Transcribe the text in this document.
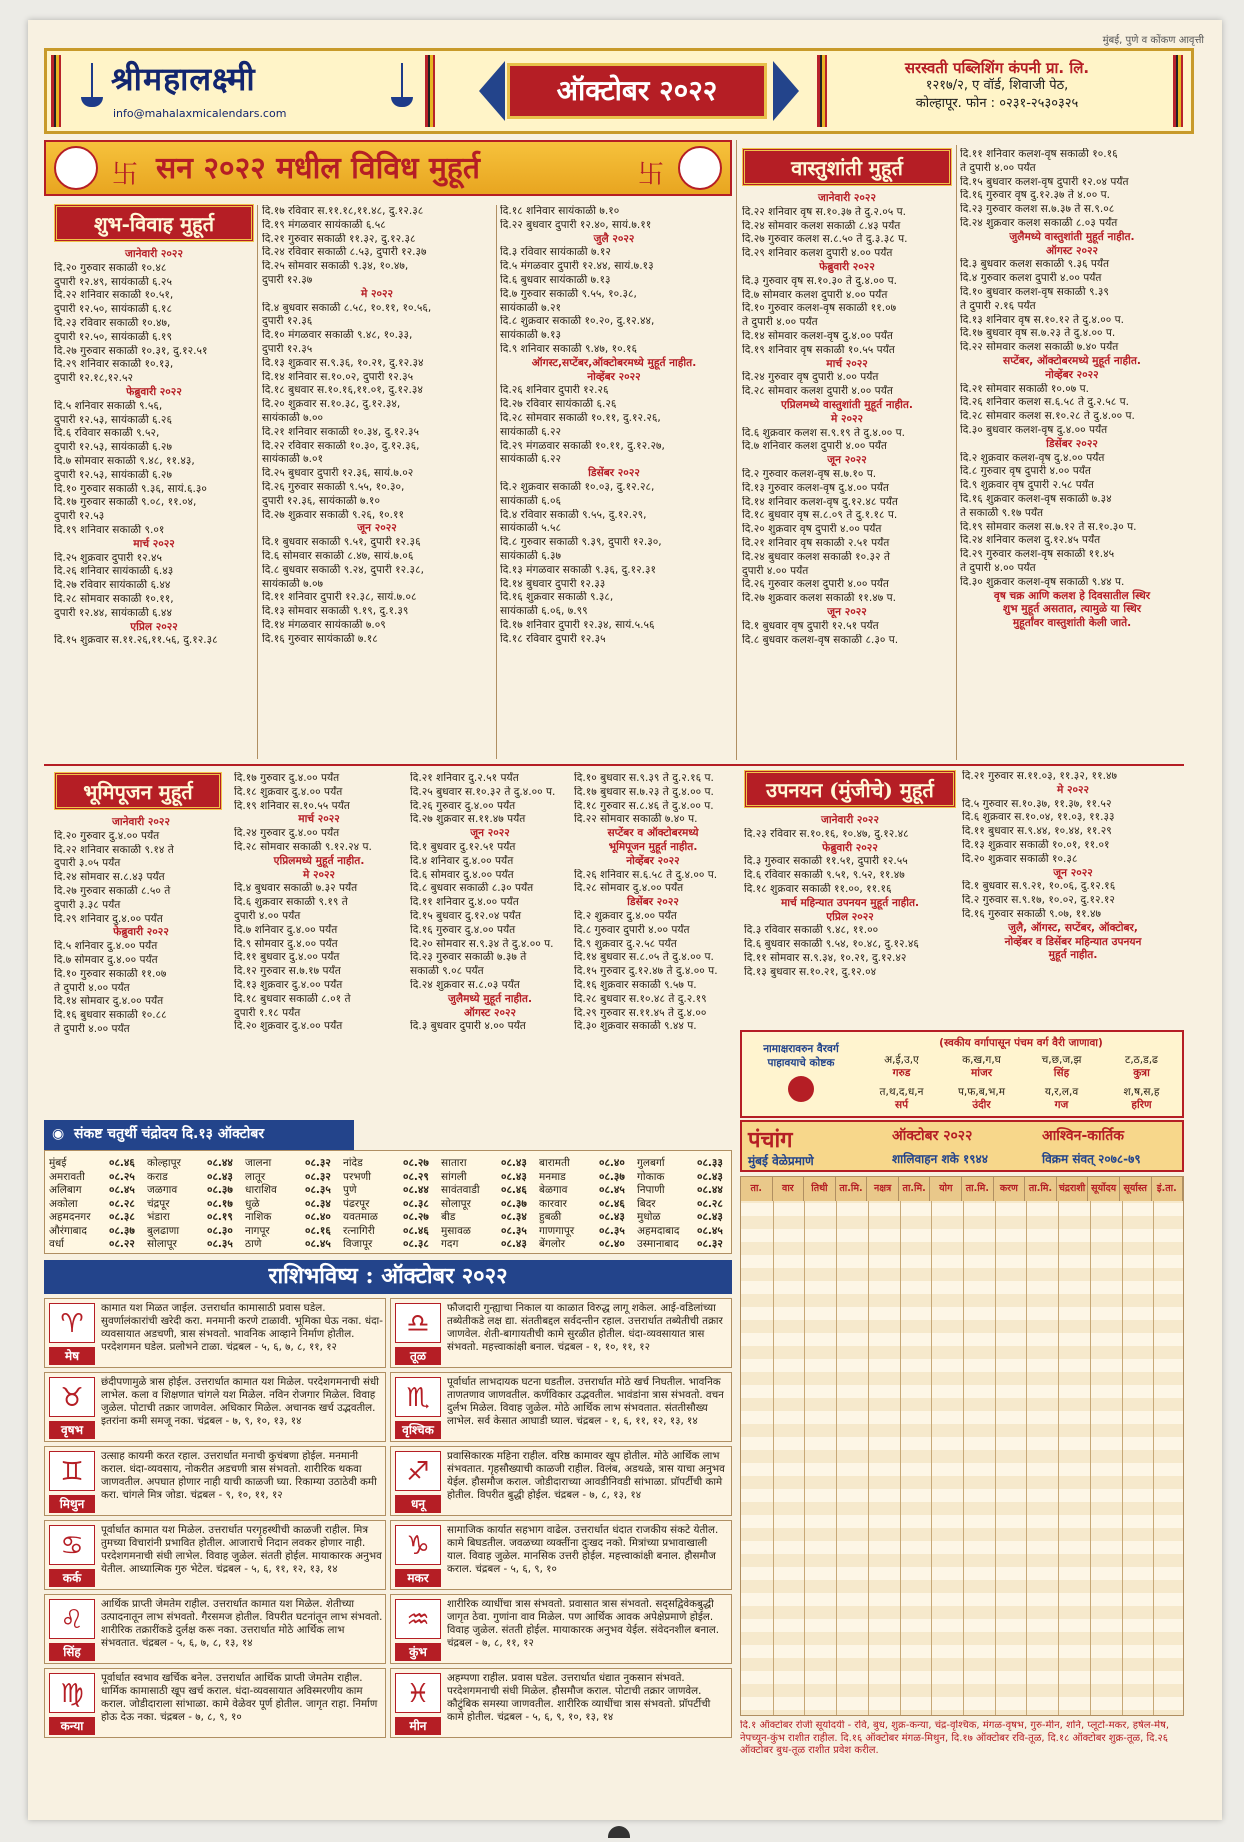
मुंबई, पुणे व कोंकण आवृत्ती
श्रीमहालक्ष्मी
info@mahalaxmicalendars.com
ऑक्टोबर २०२२
सरस्वती पब्लिशिंग कंपनी प्रा. लि.
१२१७/२, ए वॉर्ड, शिवाजी पेठ,
कोल्हापूर. फोन : ०२३१-२५३०३२५
卐 सन २०२२ मधील विविध मुहूर्त	卐
शुभ-विवाह मुहूर्त
जानेवारी २०२२
दि.२० गुरुवार सकाळी १०.४८
दुपारी १२.४९, सायंकाळी ६.२५
दि.२२ शनिवार सकाळी १०.५१,
दुपारी १२.५०, सायंकाळी ६.१८
दि.२३ रविवार सकाळी १०.४७,
दुपारी १२.५०, सायंकाळी ६.१९
दि.२७ गुरुवार सकाळी १०.३१, दु.१२.५१
दि.२९ शनिवार सकाळी १०.१३,
दुपारी १२.१८,१२.५२
फेब्रुवारी २०२२
दि.५ शनिवार सकाळी ९.५६,
दुपारी १२.५३, सायंकाळी ६.२६
दि.६ रविवार सकाळी ९.५२,
दुपारी १२.५३, सायंकाळी ६.२७
दि.७ सोमवार सकाळी ९.४८, ११.४३,
दुपारी १२.५३, सायंकाळी ६.२७
दि.१० गुरुवार सकाळी ९.३६, सायं.६.३०
दि.१७ गुरुवार सकाळी ९.०८, ११.०४,
दुपारी १२.५३
दि.१९ शनिवार सकाळी ९.०१
मार्च २०२२
दि.२५ शुक्रवार दुपारी १२.४५
दि.२६ शनिवार सायंकाळी ६.४३
दि.२७ रविवार सायंकाळी ६.४४
दि.२८ सोमवार सकाळी १०.११,
दुपारी १२.४४, सायंकाळी ६.४४
एप्रिल २०२२
दि.१५ शुक्रवार स.११.२६,११.५६, दु.१२.३८
दि.१७ रविवार स.११.१८,११.४८, दु.१२.३८
दि.१९ मंगळवार सायंकाळी ६.५८
दि.२१ गुरुवार सकाळी ११.३२, दु.१२.३८
दि.२४ रविवार सकाळी ८.५३, दुपारी १२.३७
दि.२५ सोमवार सकाळी ९.३४, १०.४७,
दुपारी १२.३७
मे २०२२
दि.४ बुधवार सकाळी ८.५८, १०.११, १०.५६,
दुपारी १२.३६
दि.१० मंगळवार सकाळी ९.४८, १०.३३,
दुपारी १२.३५
दि.१३ शुक्रवार स.९.३६, १०.२१, दु.१२.३४
दि.१४ शनिवार स.१०.०२, दुपारी १२.३५
दि.१८ बुधवार स.१०.१६,११.०१, दु.१२.३४
दि.२० शुक्रवार स.१०.३८, दु.१२.३४,
सायंकाळी ७.००
दि.२१ शनिवार सकाळी १०.३४, दु.१२.३५
दि.२२ रविवार सकाळी १०.३०, दु.१२.३६,
सायंकाळी ७.०१
दि.२५ बुधवार दुपारी १२.३६, सायं.७.०२
दि.२६ गुरुवार सकाळी ९.५५, १०.३०,
दुपारी १२.३६, सायंकाळी ७.१०
दि.२७ शुक्रवार सकाळी ९.२६, १०.११
जून २०२२
दि.१ बुधवार सकाळी ९.५१, दुपारी १२.३६
दि.६ सोमवार सकाळी ८.४७, सायं.७.०६
दि.८ बुधवार सकाळी ९.२४, दुपारी १२.३८,
सायंकाळी ७.०७
दि.११ शनिवार दुपारी १२.३८, सायं.७.०८
दि.१३ सोमवार सकाळी ९.१९, दु.१.३९
दि.१४ मंगळवार सायंकाळी ७.०९
दि.१६ गुरुवार सायंकाळी ७.१८
दि.१८ शनिवार सायंकाळी ७.१०
दि.२२ बुधवार दुपारी १२.४०, सायं.७.११
जुलै २०२२
दि.३ रविवार सायंकाळी ७.१२
दि.५ मंगळवार दुपारी १२.४४, सायं.७.१३
दि.६ बुधवार सायंकाळी ७.१३
दि.७ गुरुवार सकाळी ९.५५, १०.३८,
सायंकाळी ७.२१
दि.८ शुक्रवार सकाळी १०.२०, दु.१२.४४,
सायंकाळी ७.१३
दि.९ शनिवार सकाळी ९.४७, १०.१६
ऑगस्ट,सप्टेंबर,ऑक्टोबरमध्ये मुहूर्त नाहीत.
नोव्हेंबर २०२२
दि.२६ शनिवार दुपारी १२.२६
दि.२७ रविवार सायंकाळी ६.२६
दि.२८ सोमवार सकाळी १०.११, दु.१२.२६,
सायंकाळी ६.२२
दि.२९ मंगळवार सकाळी १०.११, दु.१२.२७,
सायंकाळी ६.२२
डिसेंबर २०२२
दि.२ शुक्रवार सकाळी १०.०३, दु.१२.२८,
सायंकाळी ६.०६
दि.४ रविवार सकाळी ९.५५, दु.१२.२९,
सायंकाळी ५.५८
दि.८ गुरुवार सकाळी ९.३९, दुपारी १२.३०,
सायंकाळी ६.३७
दि.१३ मंगळवार सकाळी ९.३६, दु.१२.३१
दि.१४ बुधवार दुपारी १२.३३
दि.१६ शुक्रवार सकाळी ९.३८,
सायंकाळी ६.०६, ७.९९
दि.१७ शनिवार दुपारी १२.३४, सायं.५.५६
दि.१८ रविवार दुपारी १२.३५
वास्तुशांती मुहूर्त
जानेवारी २०२२
दि.२२ शनिवार वृष स.१०.३७ ते दु.२.०५ प.
दि.२४ सोमवार कलश सकाळी ८.४३ पर्यंत
दि.२७ गुरुवार कलश स.८.५० ते दु.३.३८ प.
दि.२९ शनिवार कलश दुपारी ४.०० पर्यंत
फेब्रुवारी २०२२
दि.३ गुरुवार वृष स.१०.३० ते दु.४.०० प.
दि.७ सोमवार कलश दुपारी ४.०० पर्यंत
दि.१० गुरुवार कलश-वृष सकाळी ११.०७
ते दुपारी ४.०० पर्यंत
दि.१४ सोमवार कलश-वृष दु.४.०० पर्यंत
दि.१९ शनिवार वृष सकाळी १०.५५ पर्यंत
मार्च २०२२
दि.२४ गुरुवार वृष दुपारी ४.०० पर्यंत
दि.२८ सोमवार कलश दुपारी ४.०० पर्यंत
एप्रिलमध्ये वास्तुशांती मुहूर्त नाहीत.
मे २०२२
दि.६ शुक्रवार कलश स.९.१९ ते दु.४.०० प.
दि.७ शनिवार कलश दुपारी ४.०० पर्यंत
जून २०२२
दि.२ गुरुवार कलश-वृष स.७.१० प.
दि.१३ गुरुवार कलश-वृष दु.४.०० पर्यंत
दि.१४ शनिवार कलश-वृष दु.१२.४८ पर्यंत
दि.१८ बुधवार वृष स.८.०९ ते दु.१.१८ प.
दि.२० शुक्रवार वृष दुपारी ४.०० पर्यंत
दि.२१ शनिवार वृष सकाळी २.५१ पर्यंत
दि.२४ बुधवार कलश सकाळी १०.३२ ते
दुपारी ४.०० पर्यंत
दि.२६ गुरुवार कलश दुपारी ४.०० पर्यंत
दि.२७ शुक्रवार कलश सकाळी ११.४७ प.
जून २०२२
दि.१ बुधवार वृष दुपारी १२.५१ पर्यंत
दि.८ बुधवार कलश-वृष सकाळी ८.३० प.
दि.११ शनिवार कलश-वृष सकाळी १०.१६
ते दुपारी ४.०० पर्यंत
दि.१५ बुधवार कलश-वृष दुपारी १२.०४ पर्यंत
दि.१६ गुरुवार वृष दु.१२.३७ ते ४.०० प.
दि.२३ गुरुवार कलश स.७.३७ ते स.९.०८
दि.२४ शुक्रवार कलश सकाळी ८.०३ पर्यंत
जुलैमध्ये वास्तुशांती मुहूर्त नाहीत.
ऑगस्ट २०२२
दि.३ बुधवार कलश सकाळी ९.३६ पर्यंत
दि.४ गुरुवार कलश दुपारी ४.०० पर्यंत
दि.१० बुधवार कलश-वृष सकाळी ९.३९
ते दुपारी २.१६ पर्यंत
दि.१३ शनिवार वृष स.१०.१२ ते दु.४.०० प.
दि.१७ बुधवार वृष स.७.२३ ते दु.४.०० प.
दि.२२ सोमवार कलश सकाळी ७.४० पर्यंत
सप्टेंबर, ऑक्टोबरमध्ये मुहूर्त नाहीत.
नोव्हेंबर २०२२
दि.२१ सोमवार सकाळी १०.०७ प.
दि.२६ शनिवार कलश स.६.५८ ते दु.२.५८ प.
दि.२८ सोमवार कलश स.१०.२८ ते दु.४.०० प.
दि.३० बुधवार कलश-वृष दु.४.०० पर्यंत
डिसेंबर २०२२
दि.२ शुक्रवार कलश-वृष दु.४.०० पर्यंत
दि.८ गुरुवार वृष दुपारी ४.०० पर्यंत
दि.९ शुक्रवार वृष दुपारी २.५८ पर्यंत
दि.१६ शुक्रवार कलश-वृष सकाळी ७.३४
ते सकाळी ९.१७ पर्यंत
दि.१९ सोमवार कलश स.७.१२ ते स.१०.३० प.
दि.२४ शनिवार कलश दु.१२.४५ पर्यंत
दि.२९ गुरुवार कलश-वृष सकाळी ११.४५
ते दुपारी ४.०० पर्यंत
दि.३० शुक्रवार कलश-वृष सकाळी ९.४४ प.
वृष चक्र आणि कलश हे दिवसातील स्थिर
शुभ मुहूर्त असतात, त्यामुळे या स्थिर
मुहूर्तांवर वास्तुशांती केली जाते.
भूमिपूजन मुहूर्त
जानेवारी २०२२
दि.२० गुरुवार दु.४.०० पर्यंत
दि.२२ शनिवार सकाळी ९.१४ ते
दुपारी ३.०५ पर्यंत
दि.२४ सोमवार स.८.४३ पर्यंत
दि.२७ गुरुवार सकाळी ८.५० ते
दुपारी ३.३८ पर्यंत
दि.२९ शनिवार दु.४.०० पर्यंत
फेब्रुवारी २०२२
दि.५ शनिवार दु.४.०० पर्यंत
दि.७ सोमवार दु.४.०० पर्यंत
दि.१० गुरुवार सकाळी ११.०७
ते दुपारी ४.०० पर्यंत
दि.१४ सोमवार दु.४.०० पर्यंत
दि.१६ बुधवार सकाळी १०.८८
ते दुपारी ४.०० पर्यंत
दि.१७ गुरुवार दु.४.०० पर्यंत
दि.१८ शुक्रवार दु.४.०० पर्यंत
दि.१९ शनिवार स.१०.५५ पर्यंत
मार्च २०२२
दि.२४ गुरुवार दु.४.०० पर्यंत
दि.२८ सोमवार सकाळी ९.१२.२४ प.
एप्रिलमध्ये मुहूर्त नाहीत.
मे २०२२
दि.४ बुधवार सकाळी ७.३२ पर्यंत
दि.६ शुक्रवार सकाळी ९.१९ ते
दुपारी ४.०० पर्यंत
दि.७ शनिवार दु.४.०० पर्यंत
दि.९ सोमवार दु.४.०० पर्यंत
दि.११ बुधवार दु.४.०० पर्यंत
दि.१२ गुरुवार स.७.१७ पर्यंत
दि.१३ शुक्रवार दु.४.०० पर्यंत
दि.१८ बुधवार सकाळी ८.०१ ते
दुपारी १.१८ पर्यंत
दि.२० शुक्रवार दु.४.०० पर्यंत
दि.२१ शनिवार दु.२.५१ पर्यंत
दि.२५ बुधवार स.१०.३२ ते दु.४.०० प.
दि.२६ गुरुवार दु.४.०० पर्यंत
दि.२७ शुक्रवार स.११.४७ पर्यंत
जून २०२२
दि.१ बुधवार दु.१२.५१ पर्यंत
दि.४ शनिवार दु.४.०० पर्यंत
दि.६ सोमवार दु.४.०० पर्यंत
दि.८ बुधवार सकाळी ८.३० पर्यंत
दि.११ शनिवार दु.४.०० पर्यंत
दि.१५ बुधवार दु.१२.०४ पर्यंत
दि.१६ गुरुवार दु.४.०० पर्यंत
दि.२० सोमवार स.९.३४ ते दु.४.०० प.
दि.२३ गुरुवार सकाळी ७.३७ ते
सकाळी ९.०८ पर्यंत
दि.२४ शुक्रवार स.८.०३ पर्यंत
जुलैमध्ये मुहूर्त नाहीत.
ऑगस्ट २०२२
दि.३ बुधवार दुपारी ४.०० पर्यंत
दि.१० बुधवार स.९.३९ ते दु.२.१६ प.
दि.१७ बुधवार स.७.२३ ते दु.४.०० प.
दि.१८ गुरुवार स.८.४६ ते दु.४.०० प.
दि.२२ सोमवार सकाळी ७.४० प.
सप्टेंबर व ऑक्टोबरमध्ये
भूमिपूजन मुहूर्त नाहीत.
नोव्हेंबर २०२२
दि.२६ शनिवार स.६.५८ ते दु.४.०० प.
दि.२८ सोमवार दु.४.०० पर्यंत
डिसेंबर २०२२
दि.२ शुक्रवार दु.४.०० पर्यंत
दि.८ गुरुवार दुपारी ४.०० पर्यंत
दि.९ शुक्रवार दु.२.५८ पर्यंत
दि.१४ बुधवार स.८.०५ ते दु.४.०० प.
दि.१५ गुरुवार दु.१२.४७ ते दु.४.०० प.
दि.१६ शुक्रवार सकाळी ९.५७ प.
दि.२८ बुधवार स.१०.४८ ते दु.२.१९
दि.२९ गुरुवार स.११.४५ ते दु.४.००
दि.३० शुक्रवार सकाळी ९.४४ प.
उपनयन (मुंजीचे) मुहूर्त
जानेवारी २०२२
दि.२३ रविवार स.१०.१६, १०.४७, दु.१२.४८
फेब्रुवारी २०२२
दि.३ गुरुवार सकाळी ११.५१, दुपारी १२.५५
दि.६ रविवार सकाळी ९.५१, ९.५२, ११.४७
दि.१८ शुक्रवार सकाळी ११.००, ११.१६
मार्च महिन्यात उपनयन मुहूर्त नाहीत.
एप्रिल २०२२
दि.३ रविवार सकाळी ९.४८, ११.००
दि.६ बुधवार सकाळी ९.५४, १०.४८, दु.१२.४६
दि.११ सोमवार स.९.३४, १०.२१, दु.१२.४२
दि.१३ बुधवार स.१०.२१, दु.१२.०४
दि.२१ गुरुवार स.११.०३, ११.३२, ११.४७
मे २०२२
दि.५ गुरुवार स.१०.३७, ११.३७, ११.५२
दि.६ शुक्रवार स.१०.०४, ११.०३, ११.३३
दि.११ बुधवार स.९.४४, १०.४४, ११.२९
दि.१३ शुक्रवार सकाळी १०.०१, ११.०१
दि.२० शुक्रवार सकाळी १०.३८
जून २०२२
दि.१ बुधवार स.९.२१, १०.०६, दु.१२.१६
दि.२ गुरुवार स.९.१७, १०.०२, दु.१२.१२
दि.१६ गुरुवार सकाळी ९.०७, ११.४७
जुलै, ऑगस्ट, सप्टेंबर, ऑक्टोबर,
नोव्हेंबर व डिसेंबर महिन्यात उपनयन
मुहूर्त नाहीत.
नामाक्षरावरुन वैरवर्ग
पाहावयाचे कोष्टक
(स्वकीय वर्गापासून पंचम वर्ग वैरी जाणावा)
अ,ई,उ,ए
गरुड
क,ख,ग,घ
मांजर
च,छ,ज,झ
सिंह
ट,ठ,ड,ढ
कुत्रा
त,थ,द,ध,न
सर्प
प,फ,ब,भ,म
उंदीर
य,र,ल,व
गज
श,ष,स,ह
हरिण
◉ संकष्ट चतुर्थी चंद्रोदय दि.१३ ऑक्टोबर
मुंबई	०८.४६	कोल्हापूर ०८.४४	जालना	०८.३२	नांदेड	०८.२७	सातारा	०८.४३	बारामती	०८.४०	गुलबर्गा	०८.३३
अमरावती ०८.२५	कराड	०८.४३	लातूर	०८.३२	परभणी	०८.२९	सांगली	०८.४३	मनमाड	०८.३७	गोकाक	०८.४३
अलिबाग	०८.४५	जळगाव	०८.३७	धाराशिव	०८.३५	पुणे	०८.४४	सावंतवाडी ०८.४६	बेळगाव	०८.४५	निपाणी	०८.४४
अकोला	०८.२८	चंद्रपूर	०८.१७	धुळे	०८.३४	पंढरपूर	०८.३८	सोलापूर	०८.३७	कारवार	०८.४६	बिदर	०८.२८
अहमदनगर ०८.३८	भंडारा	०८.१९	नाशिक	०८.४०	यवतमाळ ०८.२७	बीड	०८.३४	हुबळी	०८.४३	मुधोळ	०८.४३
औरंगाबाद ०८.३७	बुलढाणा	०८.३०	नागपूर	०८.१६	रत्नागिरी	०८.४६	मुसावळ	०८.३५	गाणगापूर ०८.३५	अहमदाबाद ०८.४५
वर्धा	०८.२२	सोलापूर	०८.३५	ठाणे	०८.४५	विजापूर	०८.३८	गदग	०८.४३	बेंगलोर	०८.४०	उस्मानाबाद ०८.३२
राशिभविष्य : ऑक्टोबर २०२२
♈
मेष
कामात यश मिळत जाईल. उत्तरार्धात कामासाठी प्रवास घडेल. सुवर्णालंकारांची खरेदी करा. मनमानी करणे टाळावी. भूमिका घेऊ नका. धंदा-व्यवसायात अडचणी, त्रास संभवतो. भावनिक आव्हाने निर्माण होतील. परदेशगमन घडेल. प्रलोभने टाळा. चंद्रबल - ५, ६, ७, ८, ११, १२
♎
तूळ
फौजदारी गुन्ह्याचा निकाल या काळात विरुद्ध लागू शकेल. आई-वडिलांच्या तब्येतीकडे लक्ष द्या. संततीबद्दल सर्वदन्तीन रहाल. उत्तरार्धात तब्येतीची तक्रार जाणवेल. शेती-बागायतीची कामे सुरळीत होतील. धंदा-व्यवसायात त्रास संभवतो. महत्त्वाकांक्षी बनाल. चंद्रबल - १, १०, ११, १२
♉
वृषभ
छंदीपणामुळे त्रास होईल. उत्तरार्धात कामात यश मिळेल. परदेशगमनाची संधी लाभेल. कला व शिक्षणात चांगले यश मिळेल. नविन रोजगार मिळेल. विवाह जुळेल. पोटाची तक्रार जाणवेल. अधिकार मिळेल. अचानक खर्च उद्भवतील. इतरांना कमी समजू नका. चंद्रबल - ७, ९, १०, १३, १४
♏
वृश्चिक
पूर्वार्धात लाभदायक घटना घडतील. उत्तरार्धात मोठे खर्च निघतील. भावनिक ताणतणाव जाणवतील. कर्णविकार उद्भवतील. भावंडांना त्रास संभवतो. वचन दुर्लभ मिळेल. विवाह जुळेल. मोठे आर्थिक लाभ संभवतात. संततीसौख्य लाभेल. सर्व केसात आघाडी घ्याल. चंद्रबल - १, ६, ११, १२, १३, १४
♊
मिथुन
उत्साह कायमी करत रहाल. उत्तरार्धात मनाची कुचंबणा होईल. मनमानी कराल. धंदा-व्यवसाय, नोकरीत अडचणी त्रास संभवतो. शारीरिक थकवा जाणवतील. अपघात होणार नाही याची काळजी घ्या. रिकाम्या उठाठेवी कमी करा. चांगले मित्र जोडा. चंद्रबल - ९, १०, ११, १२
♐
धनू
प्रवासिकारक महिना राहील. वरिष्ठ कामावर खूप होतील. मोठे आर्थिक लाभ संभवतात. गृहसौख्याची काळजी राहील. विलंब, अडथळे, त्रास याचा अनुभव येईल. हौसमौज कराल. जोडीदाराच्या आवडीनिवडी सांभाळा. प्रॉपर्टीची कामे होतील. विपरीत बुद्धी होईल. चंद्रबल - ७, ८, १३, १४
♋
कर्क
पूर्वार्धात कामात यश मिळेल. उत्तरार्धात परगृहस्थीची काळजी राहील. मित्र तुमच्या विचारांनी प्रभावित होतील. आजाराचे निदान लवकर होणार नाही. परदेशगमनाची संधी लाभेल. विवाह जुळेल. संतती होईल. मायाकारक अनुभव येतील. आध्यात्मिक गुरु भेटेल. चंद्रबल - ५, ६, ११, १२, १३, १४
♑
मकर
सामाजिक कार्यात सहभाग वाढेल. उत्तरार्धात धंदात राजकीय संकटे येतील. कामे बिघडतील. जवळच्या व्यक्तींना दुःखद नको. मित्रांच्या प्रभावाखाली याल. विवाह जुळेल. मानसिक उत्तरी होईल. महत्त्वाकांक्षी बनाल. हौसमौज कराल. चंद्रबल - ५, ६, ९, १०
♌
सिंह
आर्थिक प्राप्ती जेमतेम राहील. उत्तरार्धात कामात यश मिळेल. शेतीच्या उत्पादनातून लाभ संभवतो. गैरसमज होतील. विपरीत घटनांतून लाभ संभवतो. शारीरिक तक्रारींकडे दुर्लक्ष करू नका. उत्तरार्धात मोठे आर्थिक लाभ संभवतात. चंद्रबल - ५, ६, ७, ८, १३, १४
♒
कुंभ
शारीरिक व्याधींचा त्रास संभवतो. प्रवासात त्रास संभवतो. सद्सद्विवेकबुद्धी जागृत ठेवा. गुणांना वाव मिळेल. पण आर्थिक आवक अपेक्षेप्रमाणे होईल. विवाह जुळेल. संतती होईल. मायाकारक अनुभव येईल. संवेदनशील बनाल. चंद्रबल - ७, ८, ११, १२
♍
कन्या
पूर्वार्धात स्वभाव खर्चिक बनेल. उत्तरार्धात आर्थिक प्राप्ती जेमतेम राहील. धार्मिक कामासाठी खूप खर्च कराल. धंदा-व्यवसायात अविस्मरणीय काम कराल. जोडीदाराला सांभाळा. कामे वेळेवर पूर्ण होतील. जागृत राहा. निर्माण होऊ देऊ नका. चंद्रबल - ७, ८, ९, १०
♓
मीन
अहम्पणा राहील. प्रवास घडेल. उत्तरार्धात धंद्यात नुकसान संभवते. परदेशगमनाची संधी मिळेल. हौसमौज कराल. पोटाची तक्रार जाणवेल. कौटुंबिक समस्या जाणवतील. शारीरिक व्याधींचा त्रास संभवतो. प्रॉपर्टीची कामे होतील. चंद्रबल - ५, ६, ९, १०, १३, १४
पंचांग
मुंबई वेळेप्रमाणे
ऑक्टोबर २०२२
शालिवाहन शके १९४४
आश्विन-कार्तिक
विक्रम संवत् २०७८-७९
ता.	वार	तिथी	ता.मि.	नक्षत्र	ता.मि.	योग	ता.मि.	करण	ता.मि. चंद्रराशी सूर्योदय सूर्यास्त	इं.ता.
दि.१ ऑक्टोबर रोजी सूर्योदयी - रवि, बुध, शुक्र-कन्या, चंद्र-वृश्चिक, मंगळ-वृषभ, गुरु-मीन, शनि, प्लूटो-मकर, हर्षल-मेष, नेपच्यून-कुंभ राशीत राहील. दि.१६ ऑक्टोबर मंगळ-मिथुन, दि.१७ ऑक्टोबर रवि-तूळ, दि.१८ ऑक्टोबर शुक्र-तूळ, दि.२६ ऑक्टोबर बुध-तूळ राशीत प्रवेश करील.
